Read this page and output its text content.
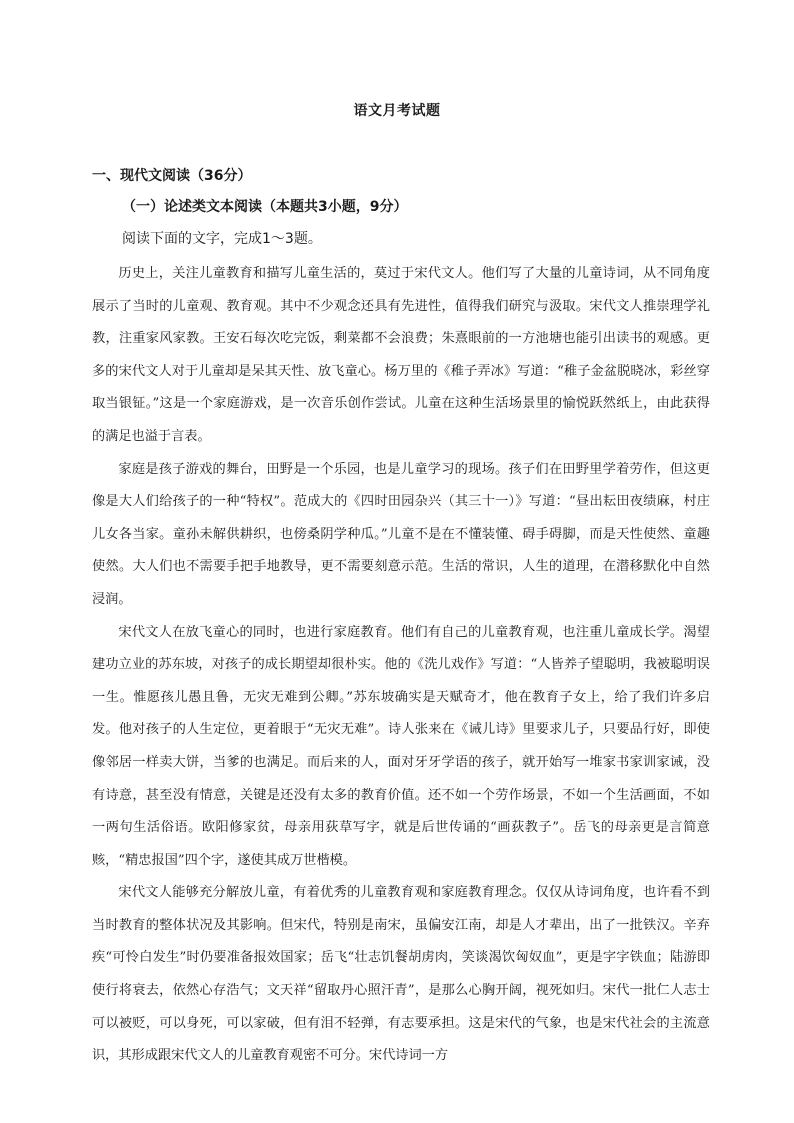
语文月考试题
一、现代文阅读（36分）
（一）论述类文本阅读（本题共3小题，9分）
阅读下面的文字，完成1～3题。

历史上，关注儿童教育和描写儿童生活的，莫过于宋代文人。他们写了大量的儿童诗词，从不同角度展示了当时的儿童观、教育观。其中不少观念还具有先进性，值得我们研究与汲取。宋代文人推崇理学礼教，注重家风家教。王安石每次吃完饭，剩菜都不会浪费；朱熹眼前的一方池塘也能引出读书的观感。更多的宋代文人对于儿童却是呆其天性、放飞童心。杨万里的《稚子弄冰》写道：“稚子金盆脱晓冰，彩丝穿取当银钲。”这是一个家庭游戏，是一次音乐创作尝试。儿童在这种生活场景里的愉悦跃然纸上，由此获得的满足也溢于言表。

家庭是孩子游戏的舞台，田野是一个乐园，也是儿童学习的现场。孩子们在田野里学着劳作，但这更像是大人们给孩子的一种“特权”。范成大的《四时田园杂兴（其三十一）》写道：“昼出耘田夜绩麻，村庄儿女各当家。童孙未解供耕织，也傍桑阴学种瓜。”儿童不是在不懂装懂、碍手碍脚，而是天性使然、童趣使然。大人们也不需要手把手地教导，更不需要刻意示范。生活的常识，人生的道理，在潜移默化中自然浸润。

宋代文人在放飞童心的同时，也进行家庭教育。他们有自己的儿童教育观，也注重儿童成长学。渴望建功立业的苏东坡，对孩子的成长期望却很朴实。他的《洗儿戏作》写道：“人皆养子望聪明，我被聪明误一生。惟愿孩儿愚且鲁，无灾无难到公卿。”苏东坡确实是天赋奇才，他在教育子女上，给了我们许多启发。他对孩子的人生定位，更着眼于“无灾无难”。诗人张来在《诫儿诗》里要求儿子，只要品行好，即使像邻居一样卖大饼，当爹的也满足。而后来的人，面对牙牙学语的孩子，就开始写一堆家书家训家诫，没有诗意，甚至没有情意，关键是还没有太多的教育价值。还不如一个劳作场景，不如一个生活画面，不如一两句生活俗语。欧阳修家贫，母亲用荻草写字，就是后世传诵的“画荻教子”。岳飞的母亲更是言简意赅，“精忠报国”四个字，遂使其成万世楷模。

宋代文人能够充分解放儿童，有着优秀的儿童教育观和家庭教育理念。仅仅从诗词角度，也许看不到当时教育的整体状况及其影响。但宋代，特别是南宋，虽偏安江南，却是人才辈出，出了一批铁汉。辛弃疾“可怜白发生”时仍要准备报效国家；岳飞“壮志饥餐胡虏肉，笑谈渴饮匈奴血”，更是字字铁血；陆游即使行将衰去，依然心存浩气；文天祥“留取丹心照汗青”，是那么心胸开阔，视死如归。宋代一批仁人志士可以被贬，可以身死，可以家破，但有泪不轻弹，有志要承担。这是宋代的气象，也是宋代社会的主流意识，其形成跟宋代文人的儿童教育观密不可分。宋代诗词一方
